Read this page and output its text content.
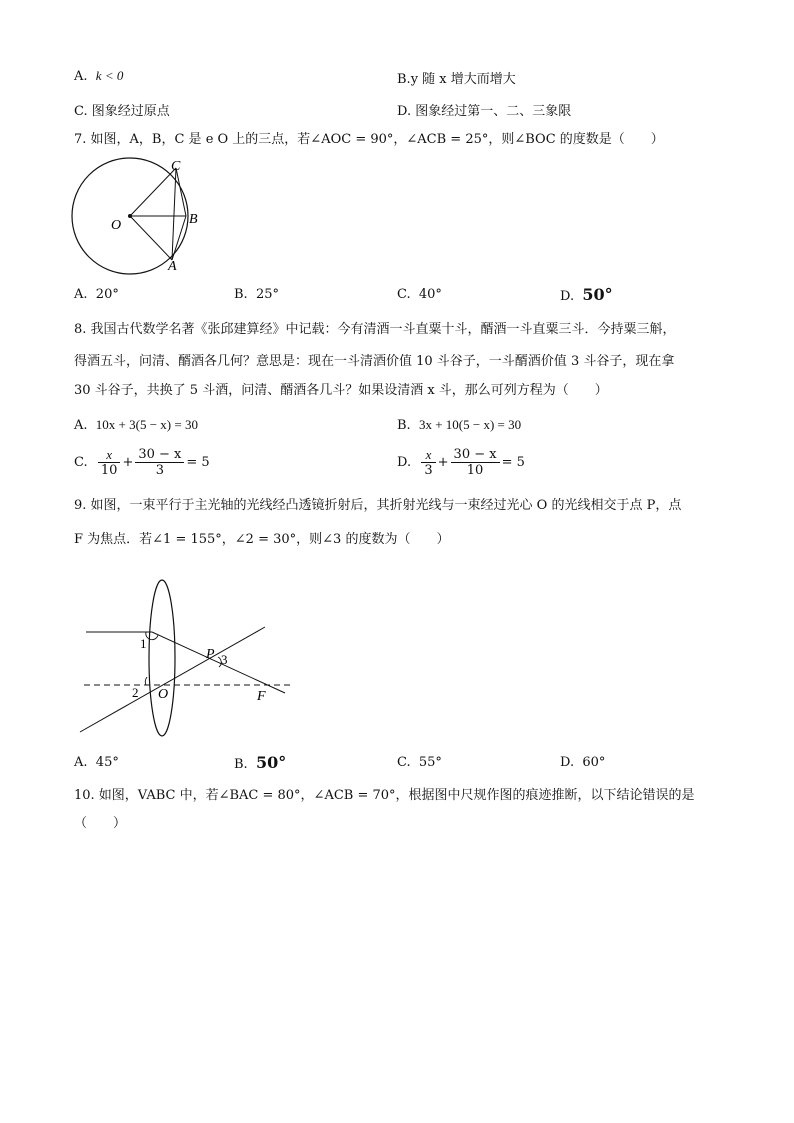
A. k < 0	B.y 随 x 增大而增大
C. 图象经过原点	D. 图象经过第一、二、三象限
7. 如图，A，B，C 是 e O 上的三点，若∠AOC = 90°，∠ACB = 25°，则∠BOC 的度数是（　　）
O
C
B
A
A. 20°	B. 25°	C. 40°	D. 50°
8. 我国古代数学名著《张邱建算经》中记载：今有清酒一斗直粟十斗，醑酒一斗直粟三斗．今持粟三斛，
得酒五斗，问清、醑酒各几何？意思是：现在一斗清酒价值 10 斗谷子，一斗醑酒价值 3 斗谷子，现在拿
30 斗谷子，共换了 5 斗酒，问清、醑酒各几斗？如果设清酒 x 斗，那么可列方程为（　　）
A. 10x + 3(5 − x) = 30	B. 3x + 10(5 − x) = 30
C. $\frac{x}{10} + \frac{30 - x}{3} = 5$	D. $\frac{x}{3} + \frac{30 - x}{10} = 5$
9. 如图，一束平行于主光轴的光线经凸透镜折射后，其折射光线与一束经过光心 O 的光线相交于点 P，点
F 为焦点．若∠1 = 155°，∠2 = 30°，则∠3 的度数为（　　）
1
2
3
O
P
F
A. 45°	B. 50°	C. 55°	D. 60°
10. 如图，VABC 中，若∠BAC = 80°，∠ACB = 70°，根据图中尺规作图的痕迹推断，以下结论错误的是
（　　）
